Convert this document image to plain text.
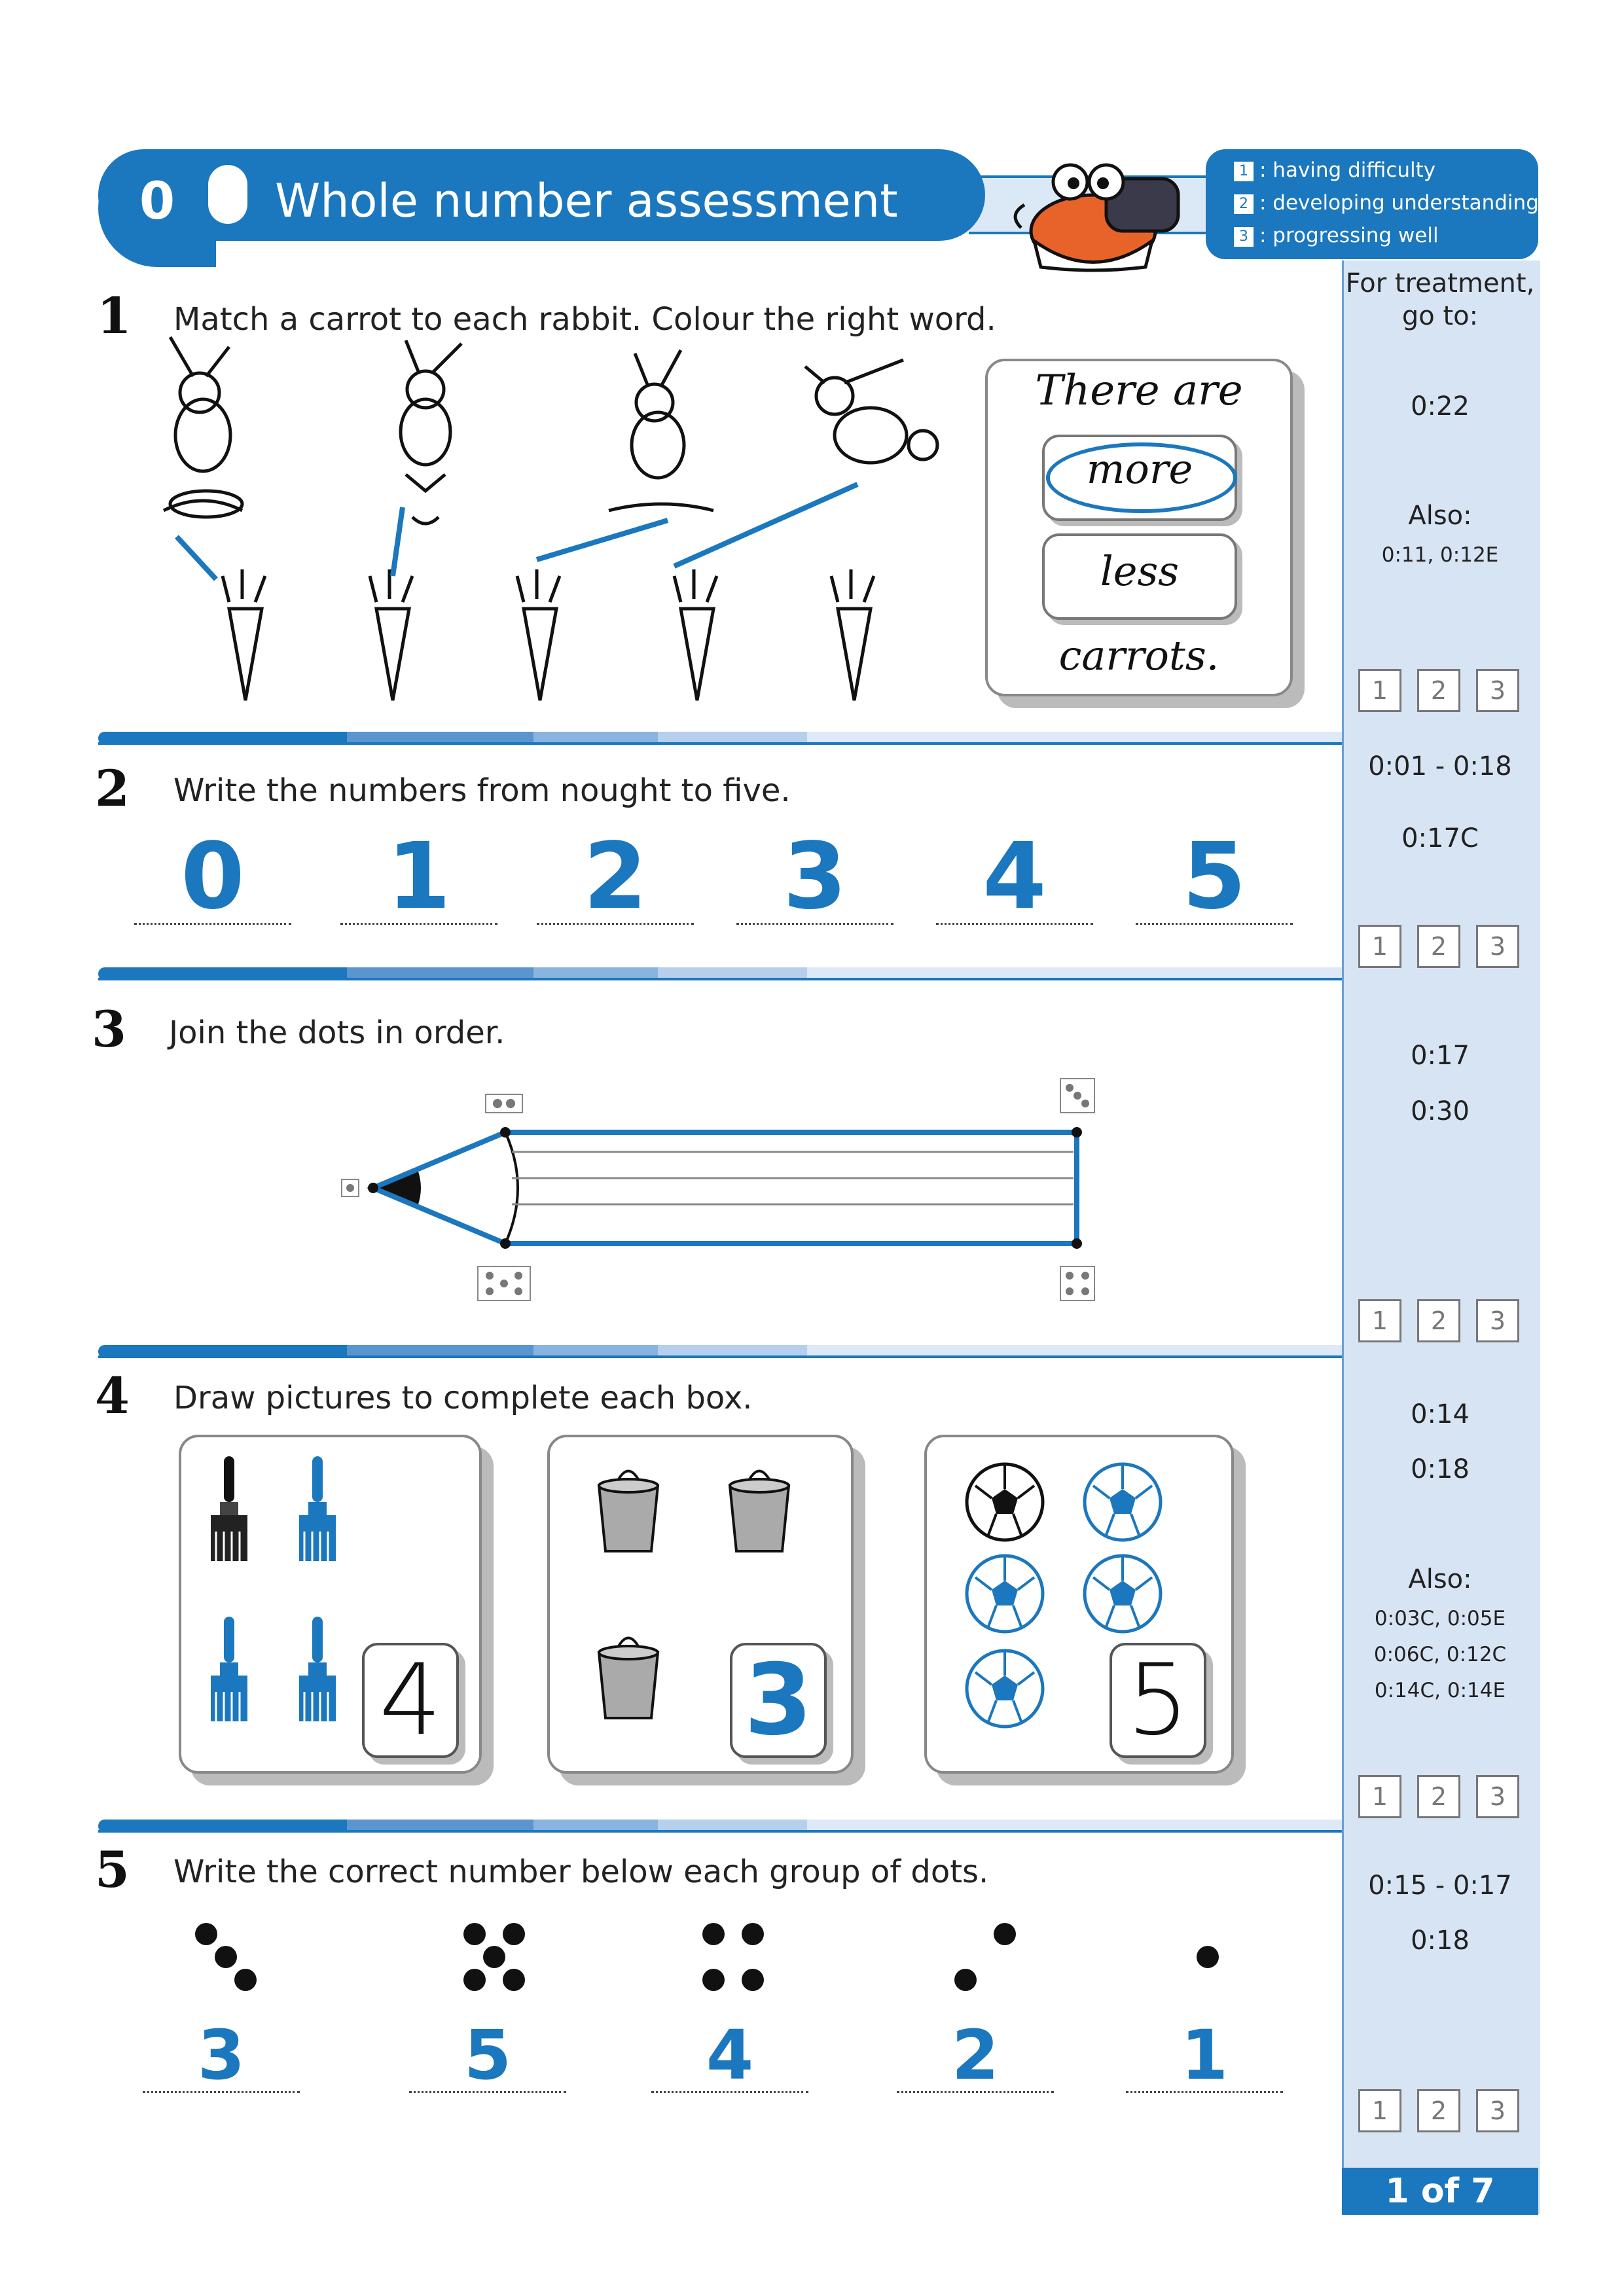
0	Whole number assessment
1 : having difficulty
2 : developing understanding
3 : progressing well
For treatment, go to:
0:22
Also:
0:11, 0:12E
1	2	3
0:01 - 0:18
0:17C
1	2	3
0:17
0:30
1	2	3
0:14
0:18
Also:
0:03C, 0:05E
0:06C, 0:12C
0:14C, 0:14E
1	2	3
0:15 - 0:17
0:18
1	2	3
1 of 7
1 Match a carrot to each rabbit. Colour the right word.
There are
more
less
carrots.
2 Write the numbers from nought to five.
0	1	2	3	4	5
3 Join the dots in order.
4 Draw pictures to complete each box.
4	3	5
5 Write the correct number below each group of dots.
3	5	4	2	1
